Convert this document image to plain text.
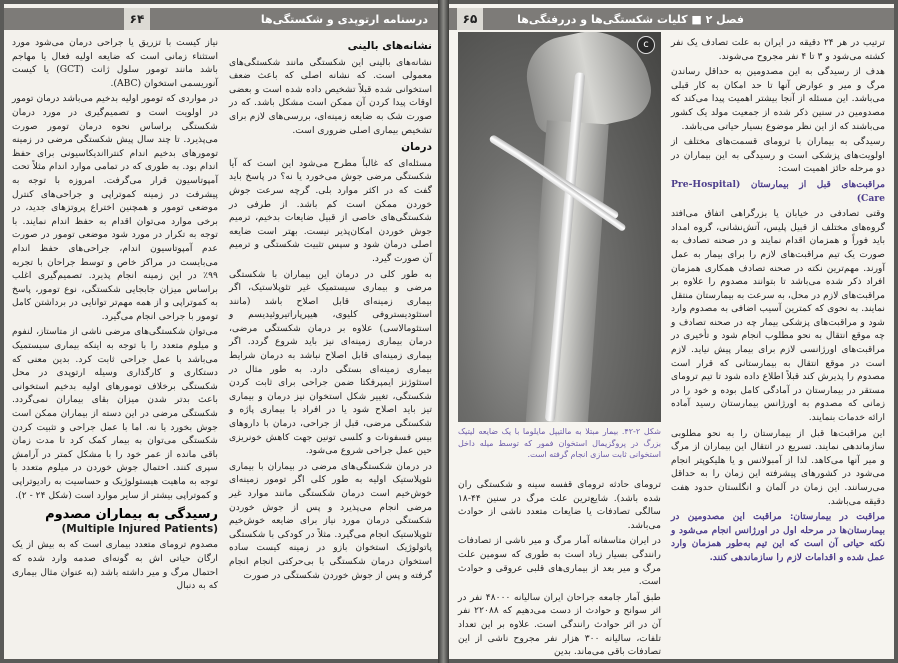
۶۴	درسنامه ارتوپدی و شکستگی‌ها
نشانه‌های بالینی

نشانه‌های بالینی این شکستگی مانند شکستگی‌های معمولی است. که نشانه اصلی که باعث ضعف استخوانی شده قبلاً تشخیص داده شده است و بعضی اوقات پیدا کردن آن ممکن است مشکل باشد. که در صورت شک به ضایعه زمینه‌ای، بررسی‌های لازم برای تشخیص بیماری اصلی ضروری است.

درمان

مسئله‌ای که غالباً مطرح می‌شود این است که آیا شکستگی مرضی جوش می‌خورد یا نه؟ در پاسخ باید گفت که در اکثر موارد بلی. گرچه سرعت جوش خوردن ممکن است کم باشد. از طرفی در شکستگی‌های خاصی از قبیل ضایعات بدخیم، ترمیم جوش خوردن امکان‌پذیر نیست. بهتر است ضایعه اصلی درمان شود و سپس تثبیت شکستگی و ترمیم آن صورت گیرد.

به طور کلی در درمان این بیماران با شکستگی مرضی و بیماری سیستمیک غیر تئوپلاستیک، اگر بیماری زمینه‌ای قابل اصلاح باشد (مانند استئودیستروفی کلیوی، هیپرپاراتیروئیدیسم و استئومالاسی) علاوه بر درمان شکستگی مرضی، درمان بیماری زمینه‌ای نیز باید شروع گردد. اگر بیماری زمینه‌ای قابل اصلاح نباشد به درمان شرایط بیماری زمینه‌ای بستگی دارد. به طور مثال در استئوژنز ایمپرفکتا ضمن جراحی برای ثابت کردن شکستگی، تغییر شکل استخوان نیز درمان و بیماری تیز باید اصلاح شود یا در افراد با بیماری پاژه و شکستگی مرضی، قبل از جراحی، درمان با داروهای بیس فسفونات و کلسی تونین جهت کاهش خونریزی حین عمل جراحی شروع می‌شود.

در درمان شکستگی‌های مرضی در بیماران با بیماری نئوپلاستیک اولیه به طور کلی اگر تومور زمینه‌ای خوش‌خیم است درمان شکستگی مانند موارد غیر مرضی انجام می‌پذیرد و پس از جوش خوردن شکستگی درمان مورد نیاز برای ضایعه خوش‌خیم تئوپلاستیک انجام می‌گیرد. مثلاً در کودکی با شکستگی پاتولوژیک استخوان بازو در زمینه کیست ساده استخوان درمان شکستگی با بی‌حرکتی انجام انجام گرفته و پس از جوش خوردن شکستگی در صورت

نیاز کیست با تزریق یا جراحی درمان می‌شود مورد استثناء زمانی است که ضایعه اولیه فعال یا مهاجم باشد مانند تومور سلول ژانت (GCT) یا کیست آنوریسمی استخوان (ABC).

در مواردی که تومور اولیه بدخیم می‌باشد درمان تومور در اولویت است و تصمیم‌گیری در مورد درمان شکستگی براساس نحوه درمان تومور صورت می‌پذیرد. تا چند سال پیش شکستگی مرضی در زمینه تومورهای بدخیم اندام کنترااندیکاسیونی برای حفظ اندام بود. به طوری که در تمامی موارد اندام مثلاً تحت آمپوتاسیون قرار می‌گرفت. امروزه با توجه به پیشرفت در زمینه کموتراپی و جراحی‌های کنترل موضعی تومور و همچنین اختراع پروتزهای جدید، در برخی موارد می‌توان اقدام به حفظ اندام نمایند. با توجه به تکرار در مورد شود موضعی تومور در صورت عدم آمپوتاسیون اندام، جراحی‌های حفظ اندام می‌بایست در مراکز خاص و توسط جراحان با تجربه ۹۹٪ در این زمینه انجام پذیرد. تصمیم‌گیری اغلب براساس میزان جابجایی شکستگی، نوع تومور، پاسخ به کموتراپی و از همه مهم‌تر توانایی در برداشتن کامل تومور با جراحی انجام می‌گیرد.

می‌توان شکستگی‌های مرضی ناشی از متاستاز، لنفوم و میلوم متعدد را با توجه به اینکه بیماری سیستمیک می‌باشد با عمل جراحی ثابت کرد. بدین معنی که دستکاری و کارگذاری وسیله ارتوپدی در محل شکستگی برخلاف تومورهای اولیه بدخیم استخوانی باعث بدتر شدن میزان بقای بیماران نمی‌گردد. شکستگی مرضی در این دسته از بیماران ممکن است جوش بخورد یا نه. اما با عمل جراحی و تثبیت کردن شکستگی می‌توان به بیمار کمک کرد تا مدت زمان باقی مانده از عمر خود را با مشکل کمتر در آرامش سپری کنند. احتمال جوش خوردن در میلوم متعدد با توجه به ماهیت هیستولوژیک و حساسیت به رادیوتراپی و کموتراپی بیشتر از سایر موارد است (شکل ۲۴ - ۲).

رسیدگی به بیماران مصدوم

(Multiple Injured Patients)

مصدوم ترومای متعدد بیماری است که به بیش از یک ارگان حیاتی اش به گونه‌ای صدمه وارد شده که احتمال مرگ و میر داشته باشد (به عنوان مثال بیماری که به دنبال

۶۵	فصل ۲ ■ کلیات شکستگی‌ها و دررفتگی‌ها
c
شکل ۲-۴۲. بیمار مبتلا به مالتیپل مایلوما با یک ضایعه لیتیک بزرگ در پروگزیمال استخوان فمور که توسط میله داخل استخوانی ثابت سازی انجام گرفته است.

ترتیب در هر ۲۴ دقیقه در ایران به علت تصادف یک نفر کشته می‌شود و ۳ تا ۴ نفر مجروح می‌شوند.

هدف از رسیدگی به این مصدومین به حداقل رساندن مرگ و میر و عوارض آنها تا حد امکان به کار قبلی می‌باشد. این مسئله از آنجا بیشتر اهمیت پیدا می‌کند که مصدومین در سنین ذکر شده از جمعیت مولد یک کشور می‌باشند که از این نظر موضوع بسیار حیاتی می‌باشد.

رسیدگی به بیماران با ترومای قسمت‌های مختلف از اولویت‌های پزشکی است و رسیدگی به این بیماران در دو مرحله حائز اهمیت است:

مراقبت‌های قبل از بیمارستان (Pre-Hospital Care)

وقتی تصادفی در خیابان یا بزرگراهی اتفاق می‌افتد گروه‌های مختلف از قبیل پلیس، آتش‌نشانی، گروه امداد باید فوراً و همزمان اقدام نمایند و در صحنه تصادف به صورت یک تیم مراقبت‌های لازم را برای بیمار به عمل آورند. مهم‌ترین نکته در صحنه تصادف همکاری همزمان افراد ذکر شده می‌باشد تا بتوانند مصدوم را علاوه بر مراقبت‌های لازم در محل، به سرعت به بیمارستان منتقل نمایند. به نحوی که کمترین آسیب اضافی به مصدوم وارد شود و مراقبت‌های پزشکی بیمار چه در صحنه تصادف و چه موقع انتقال به نحو مطلوب انجام شود و تأخیری در مراقبت‌های اورژانسی لازم برای بیمار پیش نیاید. لازم است در موقع انتقال به بیمارستانی که قرار است مصدوم را پذیرش کند قبلاً اطلاع داده شود تا تیم ترومای مستقر در بیمارستان در آمادگی کامل بوده و خود را در زمانی که مصدوم به اورژانس بیمارستان رسید آماده ارائه خدمات بنمایند.

این مراقبت‌ها قبل از بیمارستان را به نحو مطلوبی سازماندهی نمایند. تسریع در انتقال این بیماران از مرگ و میر آنها می‌کاهد. لذا از آمبولانس و یا هلیکوپتر انجام می‌شود در کشورهای پیشرفته این زمان را به حداقل می‌رسانند. این زمان در آلمان و انگلستان حدود هفت دقیقه می‌باشد.

مراقبت در بیمارستان: مراقبت این مصدومین در بیمارستان‌ها در مرحله اول در اورژانس انجام می‌شود و نکته حیاتی آن است که این تیم به‌طور همزمان وارد عمل شده و اقدامات لازم را سازماندهی کنند.

ترومای حادثه ترومای قفسه سینه و شکستگی ران شده باشد). شایع‌ترین علت مرگ در سنین ۴۴-۱۸ سالگی تصادفات یا ضایعات متعدد ناشی از حوادث می‌باشد.

در ایران متاسفانه آمار مرگ و میر ناشی از تصادفات رانندگی بسیار زیاد است به طوری که سومین علت مرگ و میر بعد از بیماری‌های قلبی عروقی و حوادث است.

طبق آمار جامعه جراحان ایران سالیانه ۴۸۰۰۰ نفر در اثر سوانح و حوادث از دست می‌دهیم که ۲۲۰۸۸ نفر آن در اثر حوادث رانندگی است. علاوه بر این تعداد تلفات، سالیانه ۳۰۰ هزار نفر مجروح ناشی از این تصادفات باقی می‌ماند. بدین
